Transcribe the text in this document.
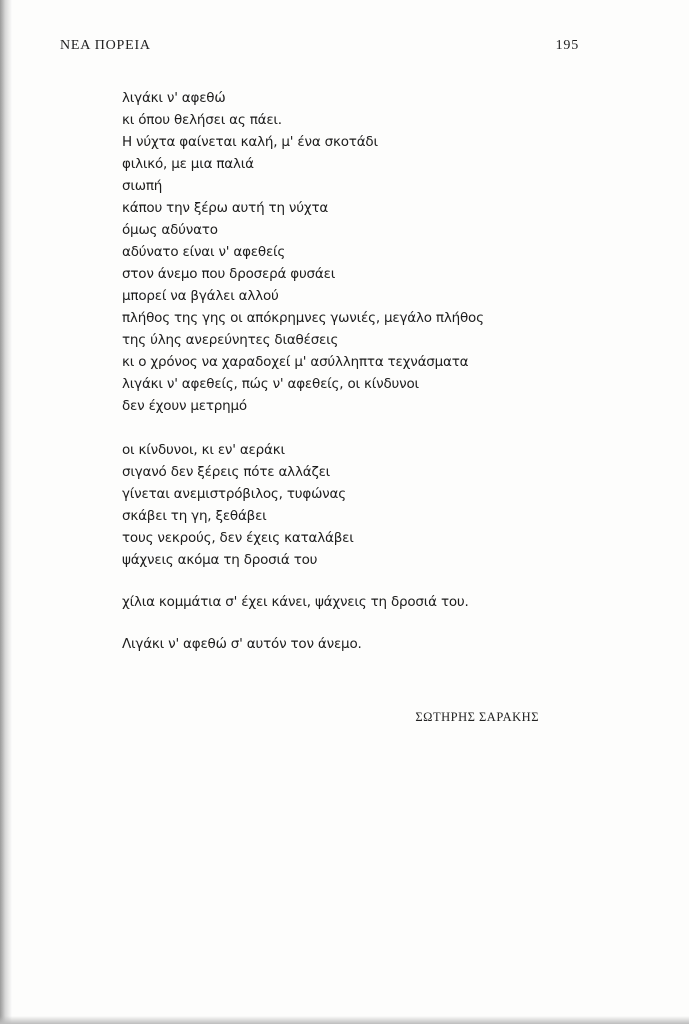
ΝΕΑ ΠΟΡΕΙΑ	195
λιγάκι ν' αφεθώ
κι όπου θελήσει ας πάει.
Η νύχτα φαίνεται καλή, μ' ένα σκοτάδι
φιλικό, με μια παλιά
σιωπή
κάπου την ξέρω αυτή τη νύχτα
όμως αδύνατο
αδύνατο είναι ν' αφεθείς
στον άνεμο που δροσερά φυσάει
μπορεί να βγάλει αλλού
πλήθος της γης οι απόκρημνες γωνιές, μεγάλο πλήθος
της ύλης ανερεύνητες διαθέσεις
κι ο χρόνος να χαραδοχεί μ' ασύλληπτα τεχνάσματα
λιγάκι ν' αφεθείς, πώς ν' αφεθείς, οι κίνδυνοι
δεν έχουν μετρημό
οι κίνδυνοι, κι εν' αεράκι
σιγανό δεν ξέρεις πότε αλλάζει
γίνεται ανεμιστρόβιλος, τυφώνας
σκάβει τη γη, ξεθάβει
τους νεκρούς, δεν έχεις καταλάβει
ψάχνεις ακόμα τη δροσιά του
χίλια κομμάτια σ' έχει κάνει, ψάχνεις τη δροσιά του.
Λιγάκι ν' αφεθώ σ' αυτόν τον άνεμο.
ΣΩΤΗΡΗΣ ΣΑΡΑΚΗΣ
